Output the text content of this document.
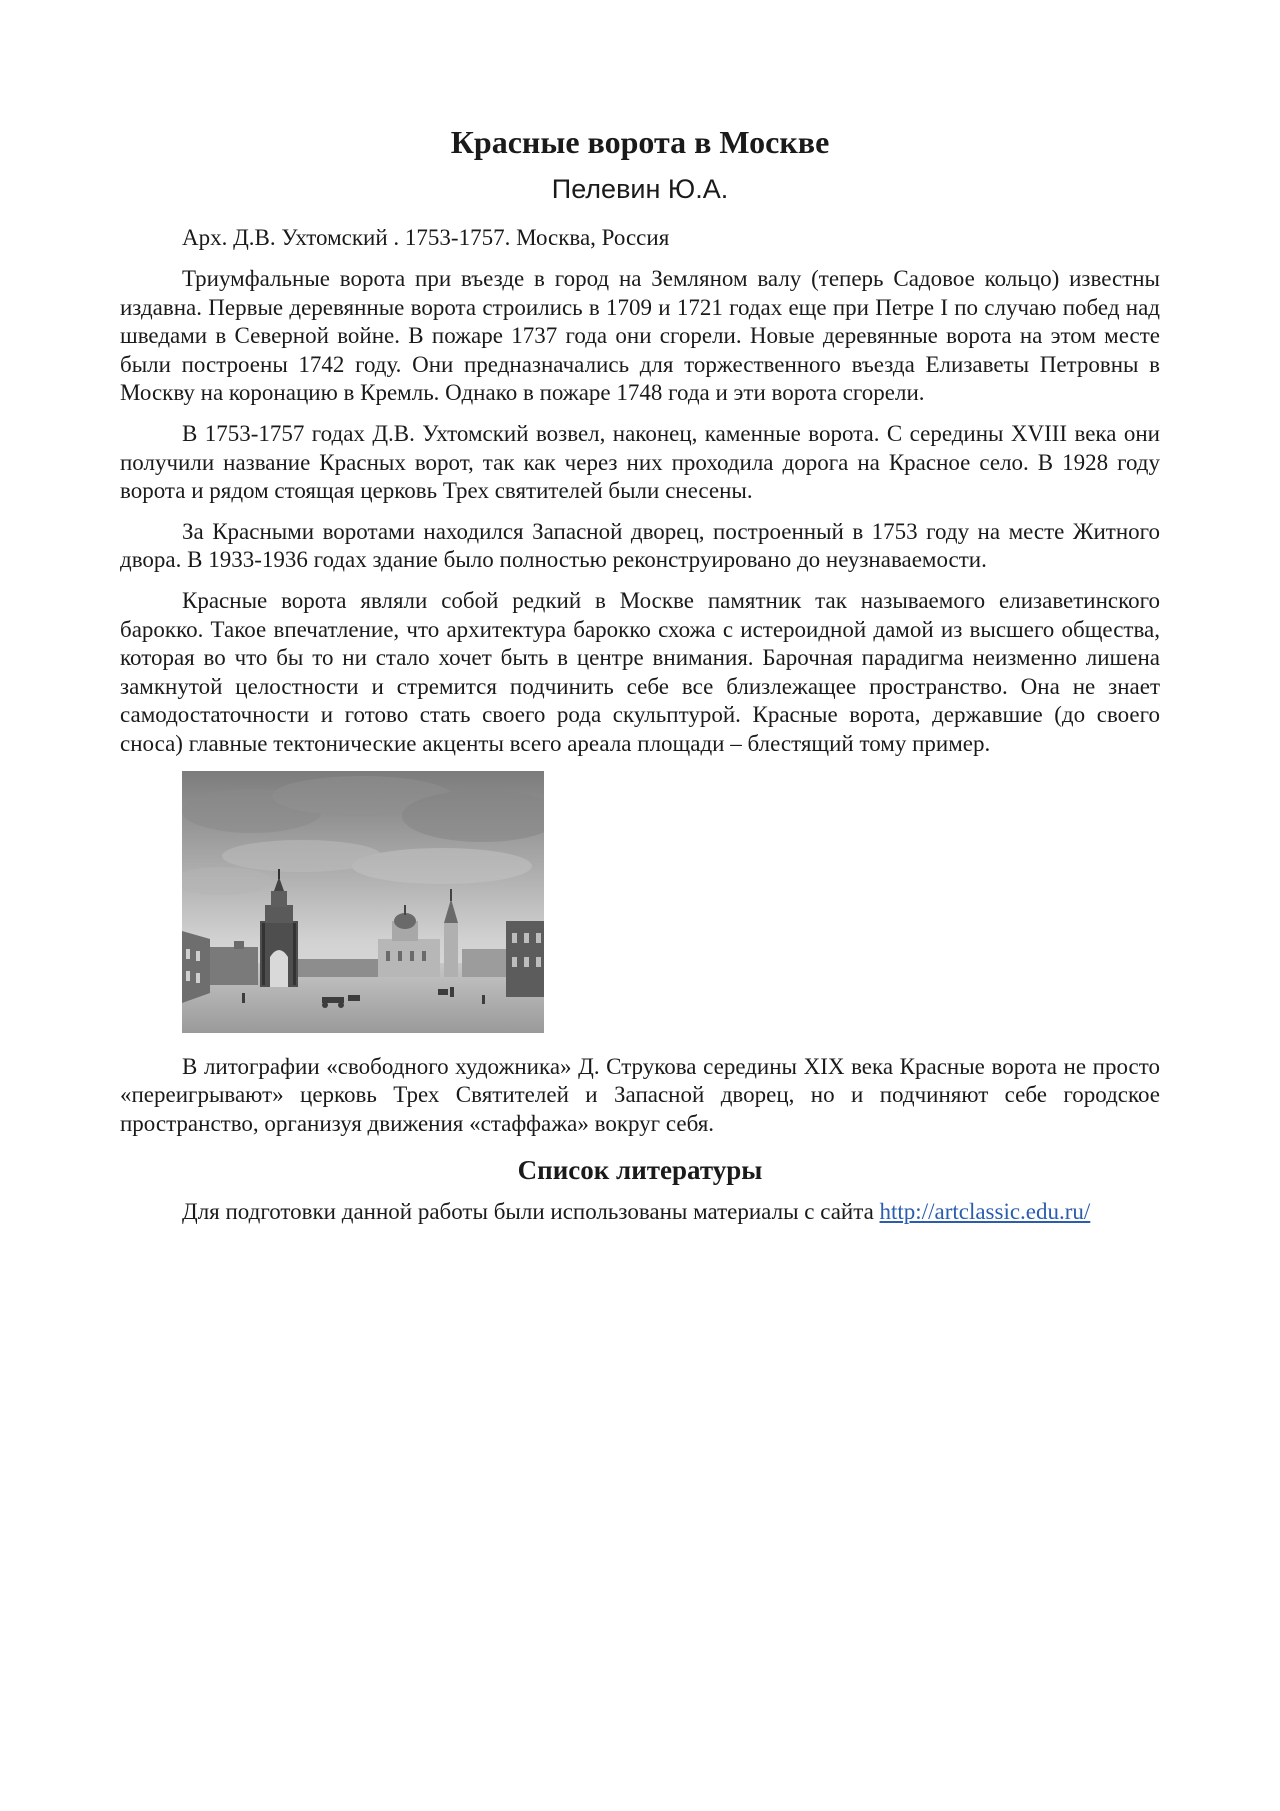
Красные ворота в Москве

Пелевин Ю.А.

Арх. Д.В. Ухтомский . 1753-1757. Москва, Россия

Триумфальные ворота при въезде в город на Земляном валу (теперь Садовое кольцо) известны издавна. Первые деревянные ворота строились в 1709 и 1721 годах еще при Петре I по случаю побед над шведами в Северной войне. В пожаре 1737 года они сгорели. Новые деревянные ворота на этом месте были построены 1742 году. Они предназначались для торжественного въезда Елизаветы Петровны в Москву на коронацию в Кремль. Однако в пожаре 1748 года и эти ворота сгорели.

В 1753-1757 годах Д.В. Ухтомский возвел, наконец, каменные ворота. С середины XVIII века они получили название Красных ворот, так как через них проходила дорога на Красное село. В 1928 году ворота и рядом стоящая церковь Трех святителей были снесены.

За Красными воротами находился Запасной дворец, построенный в 1753 году на месте Житного двора. В 1933-1936 годах здание было полностью реконструировано до неузнаваемости.

Красные ворота являли собой редкий в Москве памятник так называемого елизаветинского барокко. Такое впечатление, что архитектура барокко схожа с истероидной дамой из высшего общества, которая во что бы то ни стало хочет быть в центре внимания. Барочная парадигма неизменно лишена замкнутой целостности и стремится подчинить себе все близлежащее пространство. Она не знает самодостаточности и готово стать своего рода скульптурой. Красные ворота, державшие (до своего сноса) главные тектонические акценты всего ареала площади – блестящий тому пример.

В литографии «свободного художника» Д. Струкова середины XIX века Красные ворота не просто «переигрывают» церковь Трех Святителей и Запасной дворец, но и подчиняют себе городское пространство, организуя движения «стаффажа» вокруг себя.

Список литературы

Для подготовки данной работы были использованы материалы с сайта http://artclassic.edu.ru/
